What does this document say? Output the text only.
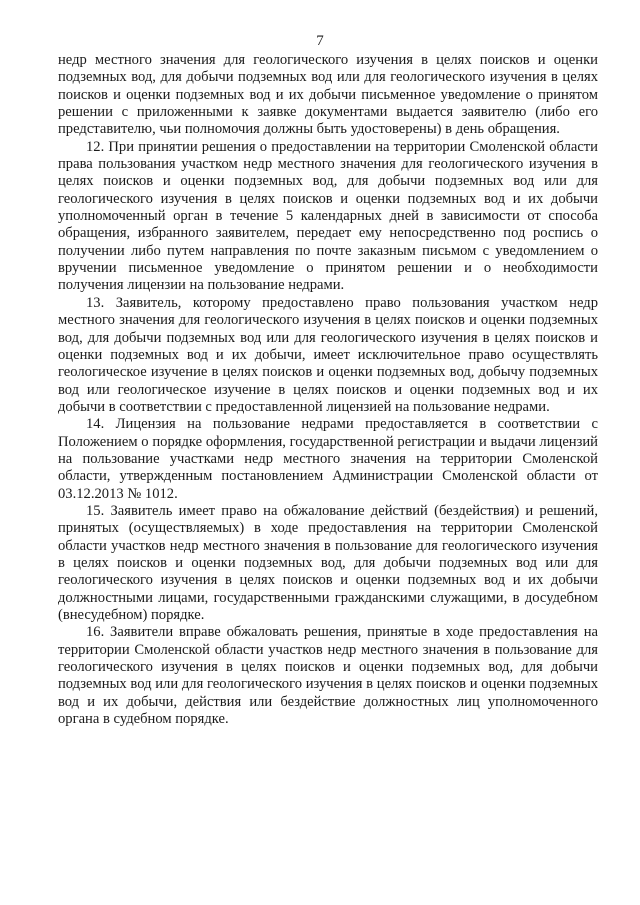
7

недр местного значения для геологического изучения в целях поисков и оценки подземных вод, для добычи подземных вод или для геологического изучения в целях поисков и оценки подземных вод и их добычи письменное уведомление о принятом решении с приложенными к заявке документами выдается заявителю (либо его представителю, чьи полномочия должны быть удостоверены) в день обращения.

12. При принятии решения о предоставлении на территории Смоленской области права пользования участком недр местного значения для геологического изучения в целях поисков и оценки подземных вод, для добычи подземных вод или для геологического изучения в целях поисков и оценки подземных вод и их добычи уполномоченный орган в течение 5 календарных дней в зависимости от способа обращения, избранного заявителем, передает ему непосредственно под роспись о получении либо путем направления по почте заказным письмом с уведомлением о вручении письменное уведомление о принятом решении и о необходимости получения лицензии на пользование недрами.

13. Заявитель, которому предоставлено право пользования участком недр местного значения для геологического изучения в целях поисков и оценки подземных вод, для добычи подземных вод или для геологического изучения в целях поисков и оценки подземных вод и их добычи, имеет исключительное право осуществлять геологическое изучение в целях поисков и оценки подземных вод, добычу подземных вод или геологическое изучение в целях поисков и оценки подземных вод и их добычи в соответствии с предоставленной лицензией на пользование недрами.

14. Лицензия на пользование недрами предоставляется в соответствии с Положением о порядке оформления, государственной регистрации и выдачи лицензий на пользование участками недр местного значения на территории Смоленской области, утвержденным постановлением Администрации Смоленской области от 03.12.2013 № 1012.

15. Заявитель имеет право на обжалование действий (бездействия) и решений, принятых (осуществляемых) в ходе предоставления на территории Смоленской области участков недр местного значения в пользование для геологического изучения в целях поисков и оценки подземных вод, для добычи подземных вод или для геологического изучения в целях поисков и оценки подземных вод и их добычи должностными лицами, государственными гражданскими служащими, в досудебном (внесудебном) порядке.

16. Заявители вправе обжаловать решения, принятые в ходе предоставления на территории Смоленской области участков недр местного значения в пользование для геологического изучения в целях поисков и оценки подземных вод, для добычи подземных вод или для геологического изучения в целях поисков и оценки подземных вод и их добычи, действия или бездействие должностных лиц уполномоченного органа в судебном порядке.
